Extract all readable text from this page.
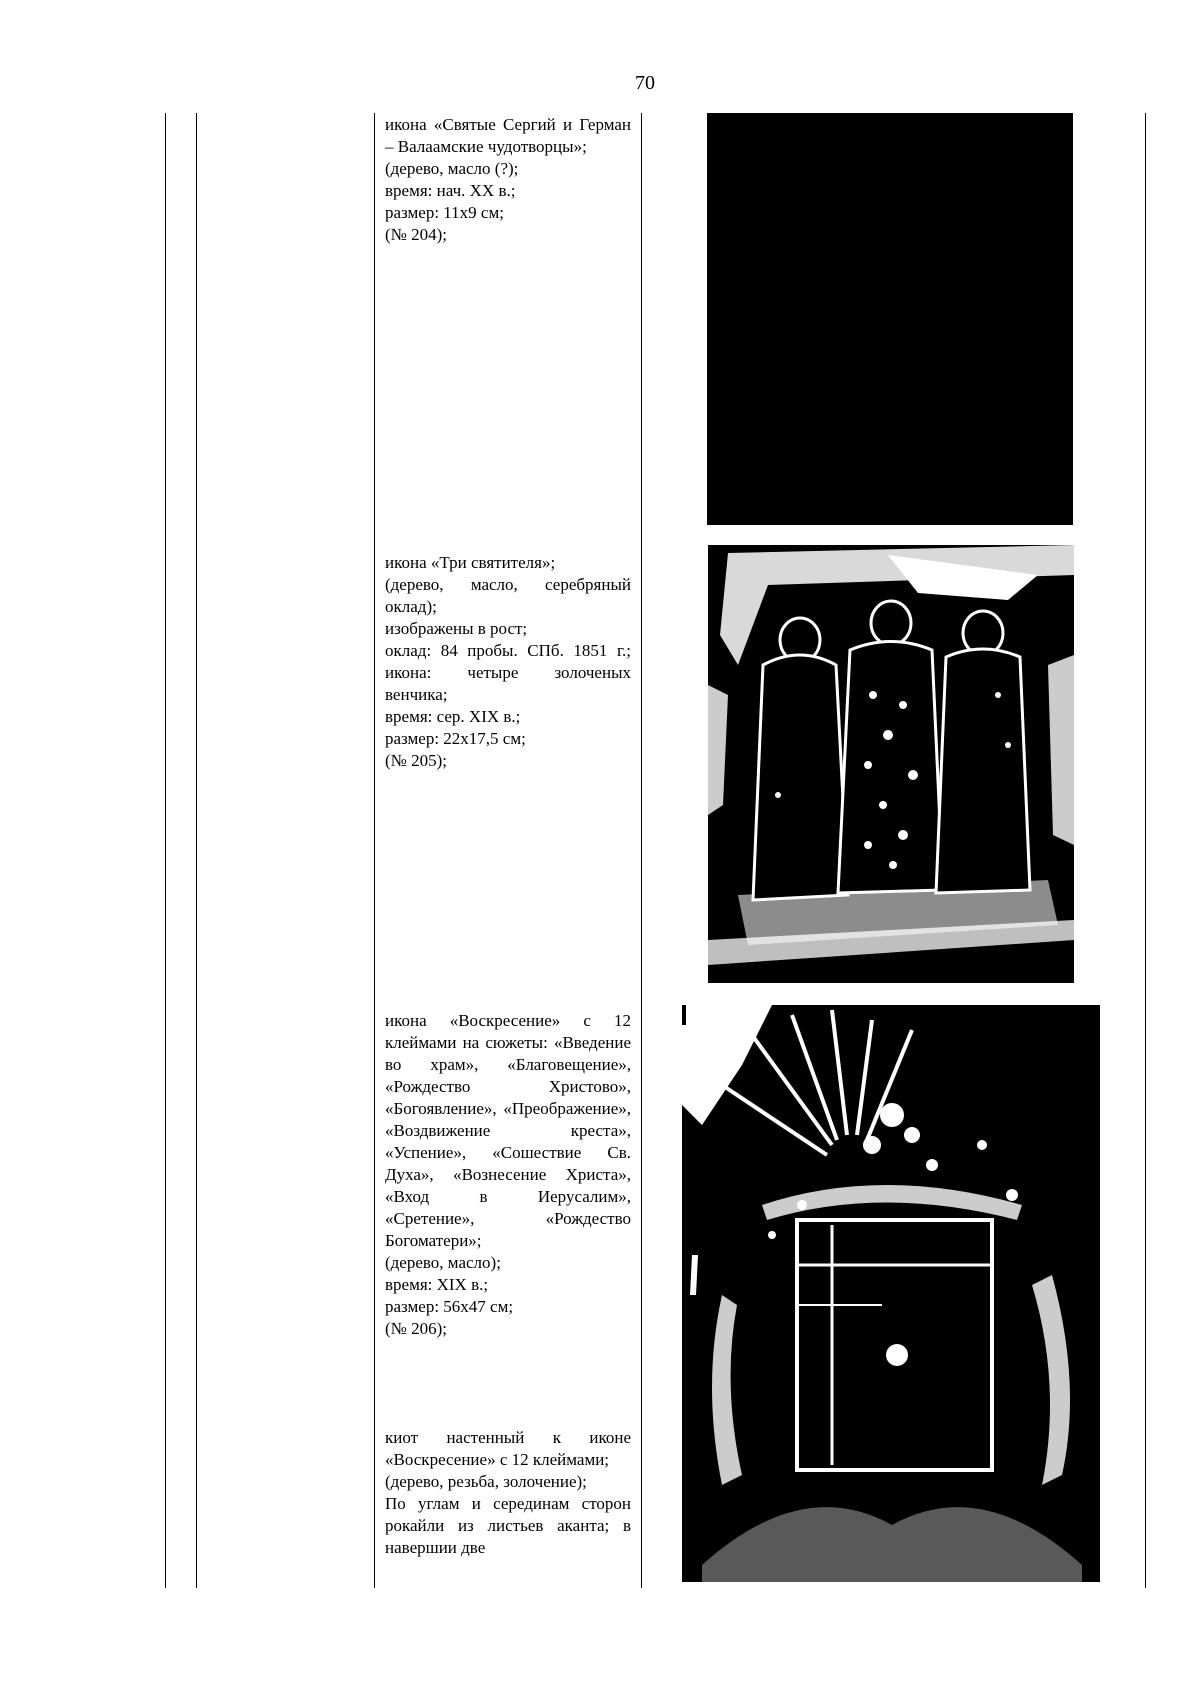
70

икона «Святые Сергий и Герман – Валаамские чудотворцы»;

(дерево, масло (?);

время: нач. XX в.;

размер: 11х9 см;

(№ 204);

икона «Три святителя»;

(дерево, масло, серебряный оклад);

изображены в рост;

оклад: 84 пробы. СПб. 1851 г.; икона: четыре золоченых венчика;

время: сер. XIX в.;

размер: 22х17,5 см;

(№ 205);

икона «Воскресение» с 12 клеймами на сюжеты: «Введение во храм», «Благовещение», «Рождество Христово», «Богоявление», «Преображение», «Воздвижение креста», «Успение», «Сошествие Св. Духа», «Вознесение Христа», «Вход в Иерусалим», «Сретение», «Рождество Богоматери»;

(дерево, масло);

время: XIX в.;

размер: 56х47 см;

(№ 206);

киот настенный к иконе «Воскресение» с 12 клеймами;

(дерево, резьба, золочение);

По углам и серединам сторон рокайли из листьев аканта; в навершии две
